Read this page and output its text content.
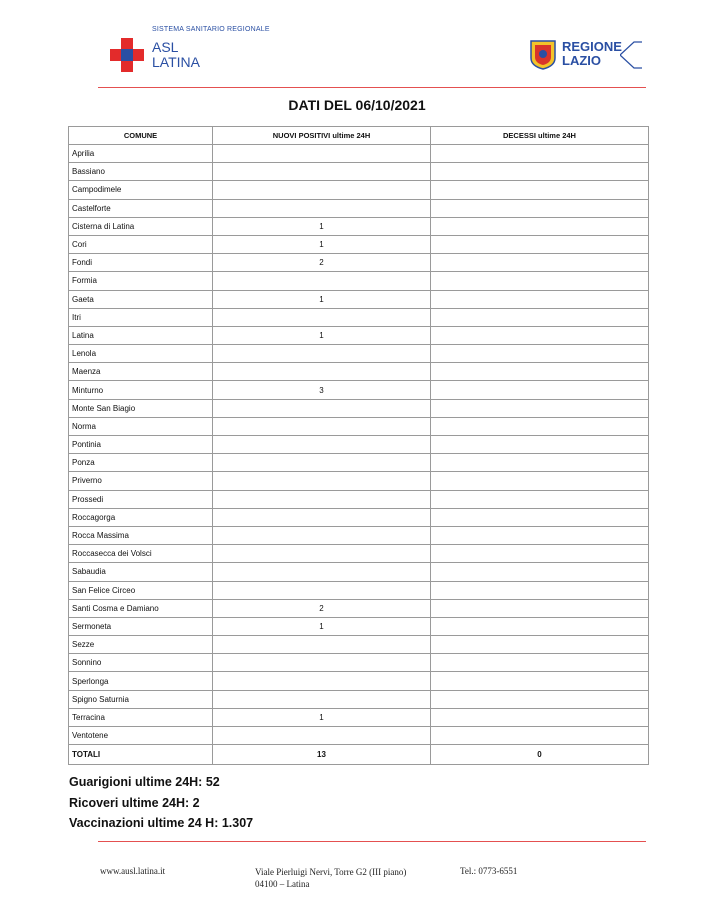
SISTEMA SANITARIO REGIONALE
ASL
LATINA
REGIONE
LAZIO
DATI DEL 06/10/2021
COMUNE	NUOVI POSITIVI ultime 24H	DECESSI ultime 24H
Aprilia		
Bassiano		
Campodimele		
Castelforte		
Cisterna di Latina	1	
Cori	1	
Fondi	2	
Formia		
Gaeta	1	
Itri		
Latina	1	
Lenola		
Maenza		
Minturno	3	
Monte San Biagio		
Norma		
Pontinia		
Ponza		
Priverno		
Prossedi		
Roccagorga		
Rocca Massima		
Roccasecca dei Volsci		
Sabaudia		
San Felice Circeo		
Santi Cosma e Damiano	2	
Sermoneta	1	
Sezze		
Sonnino		
Sperlonga		
Spigno Saturnia		
Terracina	1	
Ventotene		
TOTALI	13	0
Guarigioni ultime 24H: 52
Ricoveri ultime 24H: 2
Vaccinazioni ultime 24 H: 1.307
www.ausl.latina.it	Viale Pierluigi Nervi, Torre G2 (III piano)
04100 – Latina
Tel.: 0773-6551
